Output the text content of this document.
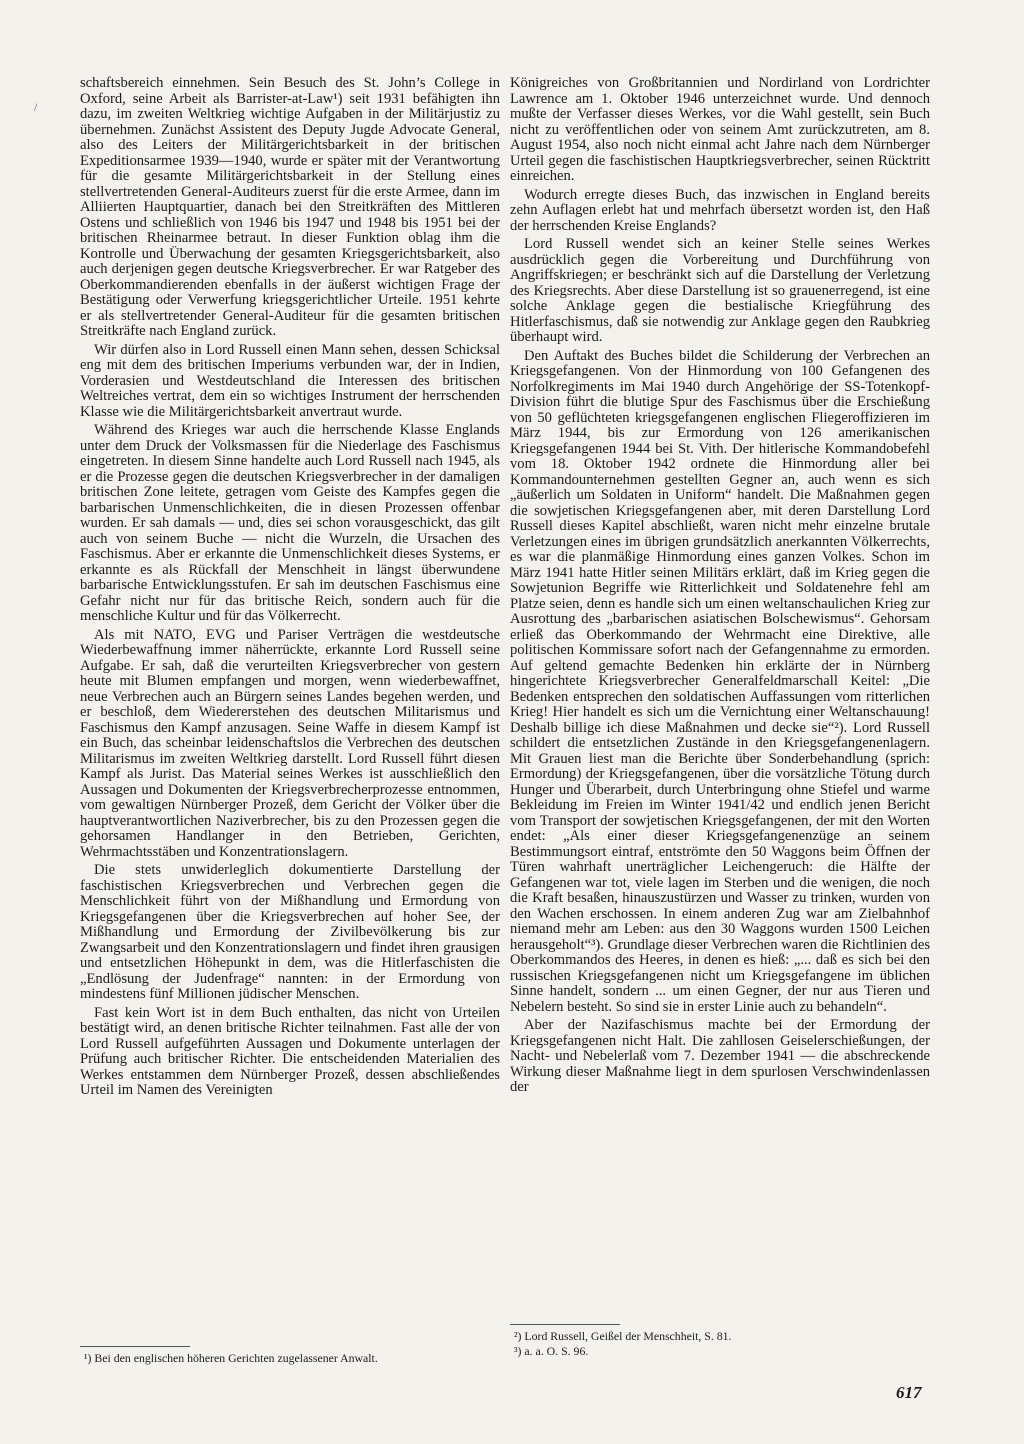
/

schaftsbereich einnehmen. Sein Besuch des St. John’s College in Oxford, seine Arbeit als Barrister-at-Law¹) seit 1931 befähigten ihn dazu, im zweiten Weltkrieg wichtige Aufgaben in der Militärjustiz zu übernehmen. Zunächst Assistent des Deputy Jugde Advocate General, also des Leiters der Militärgerichtsbarkeit in der britischen Expeditionsarmee 1939—1940, wurde er später mit der Verantwortung für die gesamte Militärgerichtsbarkeit in der Stellung eines stellvertretenden General-Auditeurs zuerst für die erste Armee, dann im Alliierten Hauptquartier, danach bei den Streitkräften des Mittleren Ostens und schließlich von 1946 bis 1947 und 1948 bis 1951 bei der britischen Rheinarmee betraut. In dieser Funktion oblag ihm die Kontrolle und Überwachung der gesamten Kriegsgerichtsbarkeit, also auch derjenigen gegen deutsche Kriegsverbrecher. Er war Ratgeber des Oberkommandierenden ebenfalls in der äußerst wichtigen Frage der Bestätigung oder Verwerfung kriegsgerichtlicher Urteile. 1951 kehrte er als stellvertretender General-Auditeur für die gesamten britischen Streitkräfte nach England zurück.

Wir dürfen also in Lord Russell einen Mann sehen, dessen Schicksal eng mit dem des britischen Imperiums verbunden war, der in Indien, Vorderasien und Westdeutschland die Interessen des britischen Weltreiches vertrat, dem ein so wichtiges Instrument der herrschenden Klasse wie die Militärgerichtsbarkeit anvertraut wurde.

Während des Krieges war auch die herrschende Klasse Englands unter dem Druck der Volksmassen für die Niederlage des Faschismus eingetreten. In diesem Sinne handelte auch Lord Russell nach 1945, als er die Prozesse gegen die deutschen Kriegsverbrecher in der damaligen britischen Zone leitete, getragen vom Geiste des Kampfes gegen die barbarischen Unmenschlichkeiten, die in diesen Prozessen offenbar wurden. Er sah damals — und, dies sei schon vorausgeschickt, das gilt auch von seinem Buche — nicht die Wurzeln, die Ursachen des Faschismus. Aber er erkannte die Unmenschlichkeit dieses Systems, er erkannte es als Rückfall der Menschheit in längst überwundene barbarische Entwicklungsstufen. Er sah im deutschen Faschismus eine Gefahr nicht nur für das britische Reich, sondern auch für die menschliche Kultur und für das Völkerrecht.

Als mit NATO, EVG und Pariser Verträgen die westdeutsche Wiederbewaffnung immer näherrückte, erkannte Lord Russell seine Aufgabe. Er sah, daß die verurteilten Kriegsverbrecher von gestern heute mit Blumen empfangen und morgen, wenn wiederbewaffnet, neue Verbrechen auch an Bürgern seines Landes begehen werden, und er beschloß, dem Wiedererstehen des deutschen Militarismus und Faschismus den Kampf anzusagen. Seine Waffe in diesem Kampf ist ein Buch, das scheinbar leidenschaftslos die Verbrechen des deutschen Militarismus im zweiten Weltkrieg darstellt. Lord Russell führt diesen Kampf als Jurist. Das Material seines Werkes ist ausschließlich den Aussagen und Dokumenten der Kriegsverbrecherprozesse entnommen, vom gewaltigen Nürnberger Prozeß, dem Gericht der Völker über die hauptverantwortlichen Naziverbrecher, bis zu den Prozessen gegen die gehorsamen Handlanger in den Betrieben, Gerichten, Wehrmachtsstäben und Konzentrationslagern.

Die stets unwiderleglich dokumentierte Darstellung der faschistischen Kriegsverbrechen und Verbrechen gegen die Menschlichkeit führt von der Mißhandlung und Ermordung von Kriegsgefangenen über die Kriegsverbrechen auf hoher See, der Mißhandlung und Ermordung der Zivilbevölkerung bis zur Zwangsarbeit und den Konzentrationslagern und findet ihren grausigen und entsetzlichen Höhepunkt in dem, was die Hitlerfaschisten die „Endlösung der Judenfrage“ nannten: in der Ermordung von mindestens fünf Millionen jüdischer Menschen.

Fast kein Wort ist in dem Buch enthalten, das nicht von Urteilen bestätigt wird, an denen britische Richter teilnahmen. Fast alle der von Lord Russell aufgeführten Aussagen und Dokumente unterlagen der Prüfung auch britischer Richter. Die entscheidenden Materialien des Werkes entstammen dem Nürnberger Prozeß, dessen abschließendes Urteil im Namen des Vereinigten

Königreiches von Großbritannien und Nordirland von Lordrichter Lawrence am 1. Oktober 1946 unterzeichnet wurde. Und dennoch mußte der Verfasser dieses Werkes, vor die Wahl gestellt, sein Buch nicht zu veröffentlichen oder von seinem Amt zurückzutreten, am 8. August 1954, also noch nicht einmal acht Jahre nach dem Nürnberger Urteil gegen die faschistischen Hauptkriegsverbrecher, seinen Rücktritt einreichen.

Wodurch erregte dieses Buch, das inzwischen in England bereits zehn Auflagen erlebt hat und mehrfach übersetzt worden ist, den Haß der herrschenden Kreise Englands?

Lord Russell wendet sich an keiner Stelle seines Werkes ausdrücklich gegen die Vorbereitung und Durchführung von Angriffskriegen; er beschränkt sich auf die Darstellung der Verletzung des Kriegsrechts. Aber diese Darstellung ist so grauenerregend, ist eine solche Anklage gegen die bestialische Kriegführung des Hitlerfaschismus, daß sie notwendig zur Anklage gegen den Raubkrieg überhaupt wird.

Den Auftakt des Buches bildet die Schilderung der Verbrechen an Kriegsgefangenen. Von der Hinmordung von 100 Gefangenen des Norfolkregiments im Mai 1940 durch Angehörige der SS-Totenkopf-Division führt die blutige Spur des Faschismus über die Erschießung von 50 geflüchteten kriegsgefangenen englischen Fliegeroffizieren im März 1944, bis zur Ermordung von 126 amerikanischen Kriegsgefangenen 1944 bei St. Vith. Der hitlerische Kommandobefehl vom 18. Oktober 1942 ordnete die Hinmordung aller bei Kommandounternehmen gestellten Gegner an, auch wenn es sich „äußerlich um Soldaten in Uniform“ handelt. Die Maßnahmen gegen die sowjetischen Kriegsgefangenen aber, mit deren Darstellung Lord Russell dieses Kapitel abschließt, waren nicht mehr einzelne brutale Verletzungen eines im übrigen grundsätzlich anerkannten Völkerrechts, es war die planmäßige Hinmordung eines ganzen Volkes. Schon im März 1941 hatte Hitler seinen Militärs erklärt, daß im Krieg gegen die Sowjetunion Begriffe wie Ritterlichkeit und Soldatenehre fehl am Platze seien, denn es handle sich um einen weltanschaulichen Krieg zur Ausrottung des „barbarischen asiatischen Bolschewismus“. Gehorsam erließ das Oberkommando der Wehrmacht eine Direktive, alle politischen Kommissare sofort nach der Gefangennahme zu ermorden. Auf geltend gemachte Bedenken hin erklärte der in Nürnberg hingerichtete Kriegsverbrecher Generalfeldmarschall Keitel: „Die Bedenken entsprechen den soldatischen Auffassungen vom ritterlichen Krieg! Hier handelt es sich um die Vernichtung einer Weltanschauung! Deshalb billige ich diese Maßnahmen und decke sie“²). Lord Russell schildert die entsetzlichen Zustände in den Kriegsgefangenenlagern. Mit Grauen liest man die Berichte über Sonderbehandlung (sprich: Ermordung) der Kriegsgefangenen, über die vorsätzliche Tötung durch Hunger und Überarbeit, durch Unterbringung ohne Stiefel und warme Bekleidung im Freien im Winter 1941/42 und endlich jenen Bericht vom Transport der sowjetischen Kriegsgefangenen, der mit den Worten endet: „Als einer dieser Kriegsgefangenenzüge an seinem Bestimmungsort eintraf, entströmte den 50 Waggons beim Öffnen der Türen wahrhaft unerträglicher Leichengeruch: die Hälfte der Gefangenen war tot, viele lagen im Sterben und die wenigen, die noch die Kraft besaßen, hinauszustürzen und Wasser zu trinken, wurden von den Wachen erschossen. In einem anderen Zug war am Zielbahnhof niemand mehr am Leben: aus den 30 Waggons wurden 1500 Leichen herausgeholt“³). Grundlage dieser Verbrechen waren die Richtlinien des Oberkommandos des Heeres, in denen es hieß: „... daß es sich bei den russischen Kriegsgefangenen nicht um Kriegsgefangene im üblichen Sinne handelt, sondern ... um einen Gegner, der nur aus Tieren und Nebelern besteht. So sind sie in erster Linie auch zu behandeln“.

Aber der Nazifaschismus machte bei der Ermordung der Kriegsgefangenen nicht Halt. Die zahllosen Geiselerschießungen, der Nacht- und Nebelerlaß vom 7. Dezember 1941 — die abschreckende Wirkung dieser Maßnahme liegt in dem spurlosen Verschwindenlassen der

¹) Bei den englischen höheren Gerichten zugelassener Anwalt.
²) Lord Russell, Geißel der Menschheit, S. 81.
³) a. a. O. S. 96.
617
